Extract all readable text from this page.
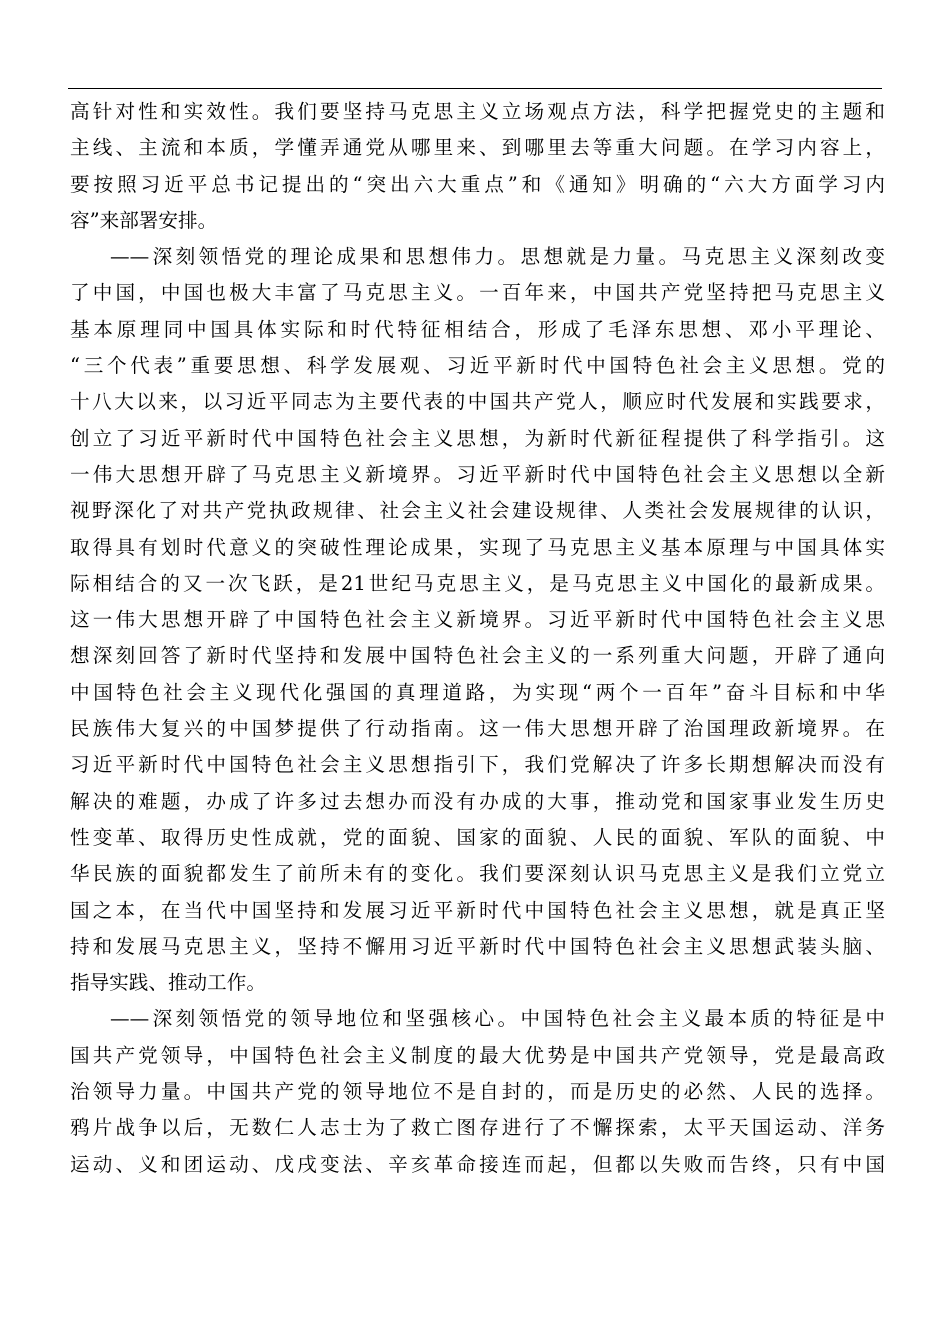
高针对性和实效性。我们要坚持马克思主义立场观点方法，科学把握党史的主题和
主线、主流和本质，学懂弄通党从哪里来、到哪里去等重大问题。在学习内容上，
要按照习近平总书记提出的“突出六大重点”和《通知》明确的“六大方面学习内
容”来部署安排。
——深刻领悟党的理论成果和思想伟力。思想就是力量。马克思主义深刻改变
了中国，中国也极大丰富了马克思主义。一百年来，中国共产党坚持把马克思主义
基本原理同中国具体实际和时代特征相结合，形成了毛泽东思想、邓小平理论、
“三个代表”重要思想、科学发展观、习近平新时代中国特色社会主义思想。党的
十八大以来，以习近平同志为主要代表的中国共产党人，顺应时代发展和实践要求，
创立了习近平新时代中国特色社会主义思想，为新时代新征程提供了科学指引。这
一伟大思想开辟了马克思主义新境界。习近平新时代中国特色社会主义思想以全新
视野深化了对共产党执政规律、社会主义社会建设规律、人类社会发展规律的认识，
取得具有划时代意义的突破性理论成果，实现了马克思主义基本原理与中国具体实
际相结合的又一次飞跃，是21世纪马克思主义，是马克思主义中国化的最新成果。
这一伟大思想开辟了中国特色社会主义新境界。习近平新时代中国特色社会主义思
想深刻回答了新时代坚持和发展中国特色社会主义的一系列重大问题，开辟了通向
中国特色社会主义现代化强国的真理道路，为实现“两个一百年”奋斗目标和中华
民族伟大复兴的中国梦提供了行动指南。这一伟大思想开辟了治国理政新境界。在
习近平新时代中国特色社会主义思想指引下，我们党解决了许多长期想解决而没有
解决的难题，办成了许多过去想办而没有办成的大事，推动党和国家事业发生历史
性变革、取得历史性成就，党的面貌、国家的面貌、人民的面貌、军队的面貌、中
华民族的面貌都发生了前所未有的变化。我们要深刻认识马克思主义是我们立党立
国之本，在当代中国坚持和发展习近平新时代中国特色社会主义思想，就是真正坚
持和发展马克思主义，坚持不懈用习近平新时代中国特色社会主义思想武装头脑、
指导实践、推动工作。
——深刻领悟党的领导地位和坚强核心。中国特色社会主义最本质的特征是中
国共产党领导，中国特色社会主义制度的最大优势是中国共产党领导，党是最高政
治领导力量。中国共产党的领导地位不是自封的，而是历史的必然、人民的选择。
鸦片战争以后，无数仁人志士为了救亡图存进行了不懈探索，太平天国运动、洋务
运动、义和团运动、戊戌变法、辛亥革命接连而起，但都以失败而告终，只有中国
